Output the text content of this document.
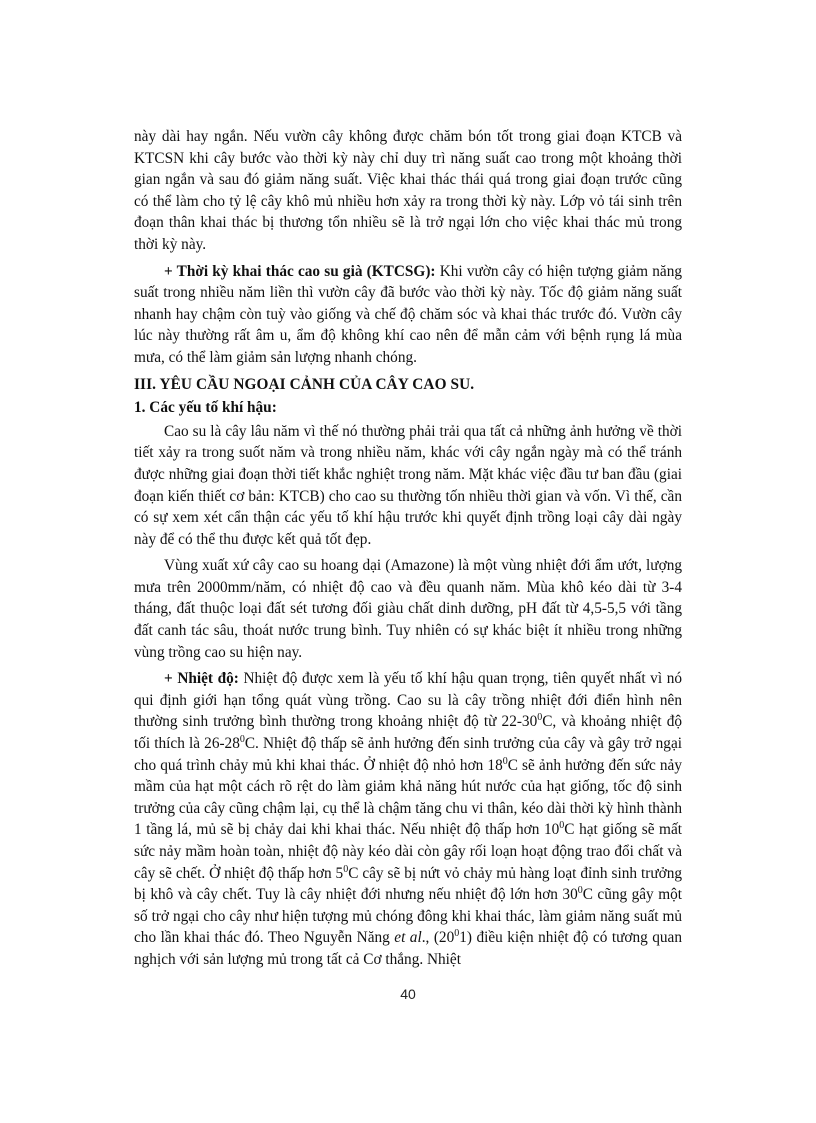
này dài hay ngắn. Nếu vườn cây không được chăm bón tốt trong giai đoạn KTCB và KTCSN khi cây bước vào thời kỳ này chỉ duy trì năng suất cao trong một khoảng thời gian ngắn và sau đó giảm năng suất. Việc khai thác thái quá trong giai đoạn trước cũng có thể làm cho tỷ lệ cây khô mủ nhiều hơn xảy ra trong thời kỳ này. Lớp vỏ tái sinh trên đoạn thân khai thác bị thương tổn nhiều sẽ là trở ngại lớn cho việc khai thác mủ trong thời kỳ này.

+ Thời kỳ khai thác cao su già (KTCSG): Khi vườn cây có hiện tượng giảm năng suất trong nhiều năm liền thì vườn cây đã bước vào thời kỳ này. Tốc độ giảm năng suất nhanh hay chậm còn tuỳ vào giống và chế độ chăm sóc và khai thác trước đó. Vườn cây lúc này thường rất âm u, ẩm độ không khí cao nên để mẫn cảm với bệnh rụng lá mùa mưa, có thể làm giảm sản lượng nhanh chóng.

III. YÊU CẦU NGOẠI CẢNH CỦA CÂY CAO SU.

1. Các yếu tố khí hậu:

Cao su là cây lâu năm vì thế nó thường phải trải qua tất cả những ảnh hưởng về thời tiết xảy ra trong suốt năm và trong nhiều năm, khác với cây ngắn ngày mà có thể tránh được những giai đoạn thời tiết khắc nghiệt trong năm. Mặt khác việc đầu tư ban đầu (giai đoạn kiến thiết cơ bản: KTCB) cho cao su thường tốn nhiều thời gian và vốn. Vì thế, cần có sự xem xét cẩn thận các yếu tố khí hậu trước khi quyết định trồng loại cây dài ngày này để có thể thu được kết quả tốt đẹp.

Vùng xuất xứ cây cao su hoang dại (Amazone) là một vùng nhiệt đới ẩm ướt, lượng mưa trên 2000mm/năm, có nhiệt độ cao và đều quanh năm. Mùa khô kéo dài từ 3-4 tháng, đất thuộc loại đất sét tương đối giàu chất dinh dưỡng, pH đất từ 4,5-5,5 với tầng đất canh tác sâu, thoát nước trung bình. Tuy nhiên có sự khác biệt ít nhiều trong những vùng trồng cao su hiện nay.

+ Nhiệt độ: Nhiệt độ được xem là yếu tố khí hậu quan trọng, tiên quyết nhất vì nó qui định giới hạn tổng quát vùng trồng. Cao su là cây trồng nhiệt đới điển hình nên thường sinh trưởng bình thường trong khoảng nhiệt độ từ $22-30^0C$, và khoảng nhiệt độ tối thích là $26-28^0C$. Nhiệt độ thấp sẽ ảnh hưởng đến sinh trưởng của cây và gây trở ngại cho quá trình chảy mủ khi khai thác. Ở nhiệt độ nhỏ hơn $18^0C$ sẽ ảnh hưởng đến sức nảy mầm của hạt một cách rõ rệt do làm giảm khả năng hút nước của hạt giống, tốc độ sinh trưởng của cây cũng chậm lại, cụ thể là chậm tăng chu vi thân, kéo dài thời kỳ hình thành 1 tầng lá, mủ sẽ bị chảy dai khi khai thác. Nếu nhiệt độ thấp hơn $10^0C$ hạt giống sẽ mất sức nảy mầm hoàn toàn, nhiệt độ này kéo dài còn gây rối loạn hoạt động trao đổi chất và cây sẽ chết. Ở nhiệt độ thấp hơn $5^0C$ cây sẽ bị nứt vỏ chảy mủ hàng loạt đỉnh sinh trưởng bị khô và cây chết. Tuy là cây nhiệt đới nhưng nếu nhiệt độ lớn hơn $30^0C$ cũng gây một số trở ngại cho cây như hiện tượng mủ chóng đông khi khai thác, làm giảm năng suất mủ cho lần khai thác đó. Theo Nguyễn Năng et al., $(20^01)$ điều kiện nhiệt độ có tương quan nghịch với sản lượng mủ trong tất cả Cơ thắng. Nhiệt

40
